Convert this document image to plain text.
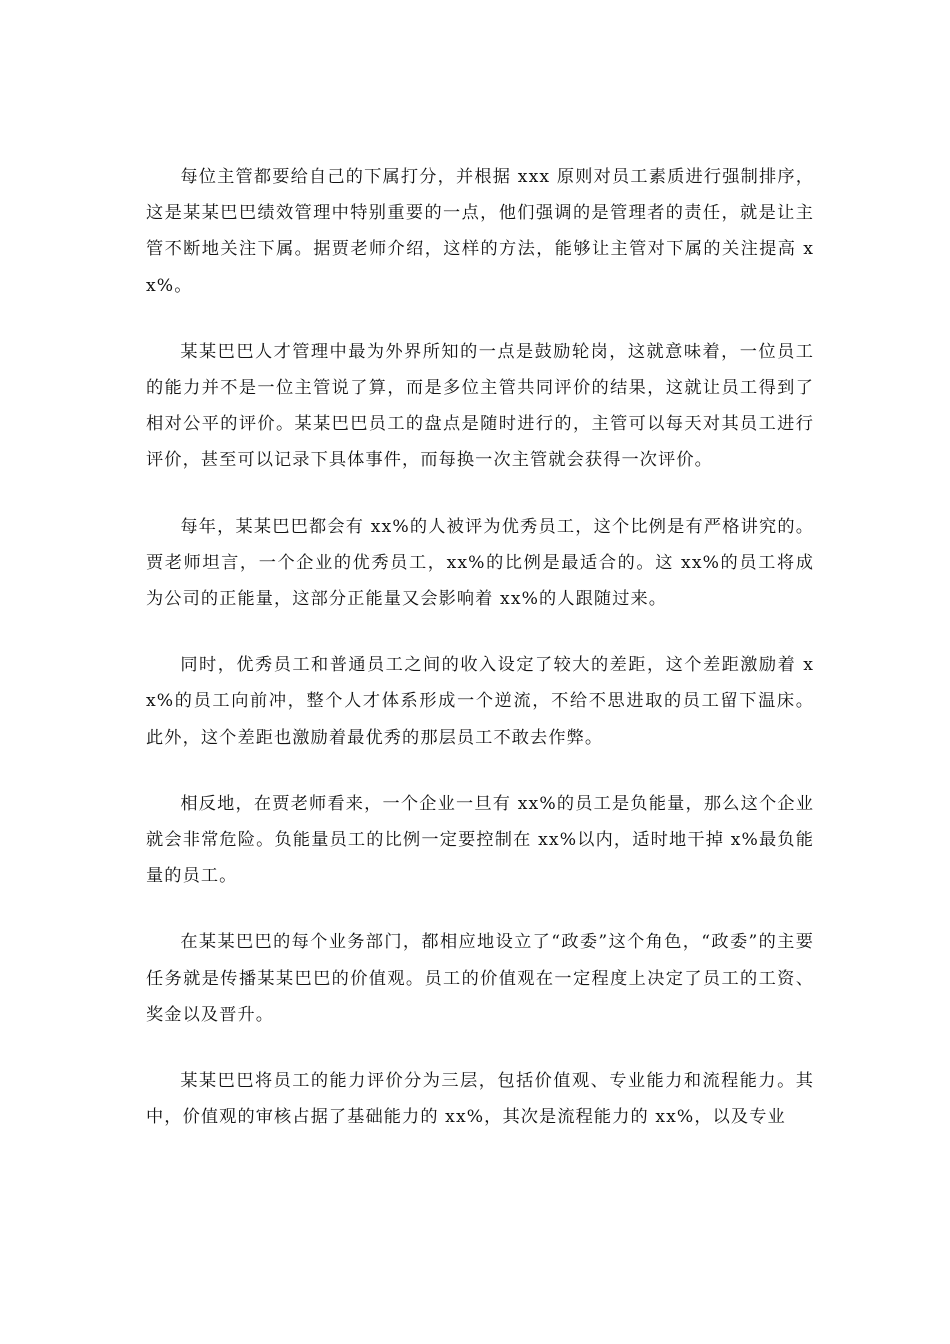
每位主管都要给自己的下属打分，并根据 xxx 原则对员工素质进行强制排序，这是某某巴巴绩效管理中特别重要的一点，他们强调的是管理者的责任，就是让主管不断地关注下属。据贾老师介绍，这样的方法，能够让主管对下属的关注提高 xx%。

某某巴巴人才管理中最为外界所知的一点是鼓励轮岗，这就意味着，一位员工的能力并不是一位主管说了算，而是多位主管共同评价的结果，这就让员工得到了相对公平的评价。某某巴巴员工的盘点是随时进行的，主管可以每天对其员工进行评价，甚至可以记录下具体事件，而每换一次主管就会获得一次评价。

每年，某某巴巴都会有 xx%的人被评为优秀员工，这个比例是有严格讲究的。贾老师坦言，一个企业的优秀员工，xx%的比例是最适合的。这 xx%的员工将成为公司的正能量，这部分正能量又会影响着 xx%的人跟随过来。

同时，优秀员工和普通员工之间的收入设定了较大的差距，这个差距激励着 xx%的员工向前冲，整个人才体系形成一个逆流，不给不思进取的员工留下温床。此外，这个差距也激励着最优秀的那层员工不敢去作弊。

相反地，在贾老师看来，一个企业一旦有 xx%的员工是负能量，那么这个企业就会非常危险。负能量员工的比例一定要控制在 xx%以内，适时地干掉 x%最负能量的员工。

在某某巴巴的每个业务部门，都相应地设立了“政委”这个角色，“政委”的主要任务就是传播某某巴巴的价值观。员工的价值观在一定程度上决定了员工的工资、奖金以及晋升。

某某巴巴将员工的能力评价分为三层，包括价值观、专业能力和流程能力。其中，价值观的审核占据了基础能力的 xx%，其次是流程能力的 xx%，以及专业
